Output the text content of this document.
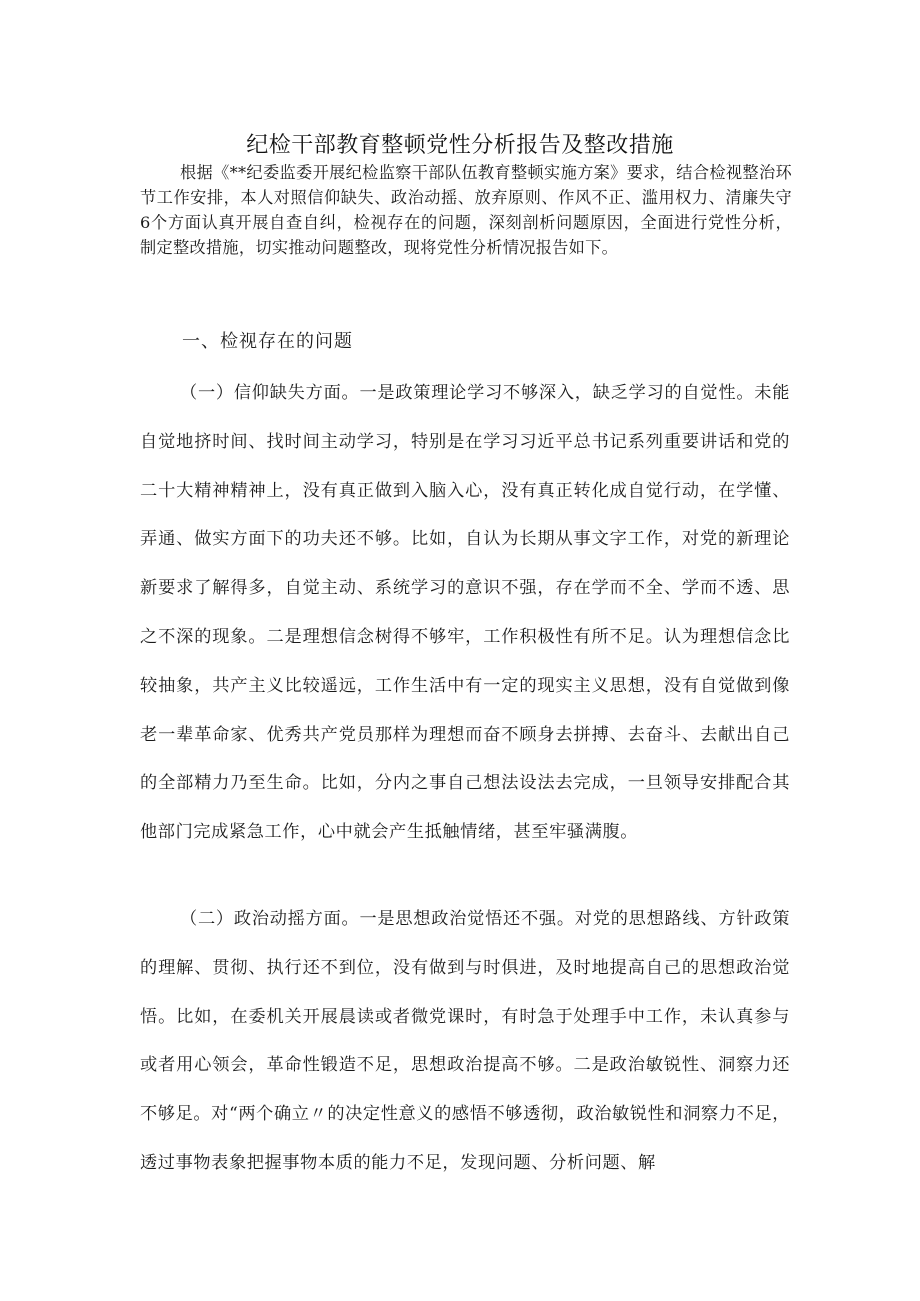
纪检干部教育整顿党性分析报告及整改措施

根据《**纪委监委开展纪检监察干部队伍教育整顿实施方案》要求，结合检视整治环节工作安排，本人对照信仰缺失、政治动摇、放弃原则、作风不正、滥用权力、清廉失守6个方面认真开展自查自纠，检视存在的问题，深刻剖析问题原因，全面进行党性分析，制定整改措施，切实推动问题整改，现将党性分析情况报告如下。

一、检视存在的问题

（一）信仰缺失方面。一是政策理论学习不够深入，缺乏学习的自觉性。未能自觉地挤时间、找时间主动学习，特别是在学习习近平总书记系列重要讲话和党的二十大精神精神上，没有真正做到入脑入心，没有真正转化成自觉行动，在学懂、弄通、做实方面下的功夫还不够。比如，自认为长期从事文字工作，对党的新理论新要求了解得多，自觉主动、系统学习的意识不强，存在学而不全、学而不透、思之不深的现象。二是理想信念树得不够牢，工作积极性有所不足。认为理想信念比较抽象，共产主义比较遥远，工作生活中有一定的现实主义思想，没有自觉做到像老一辈革命家、优秀共产党员那样为理想而奋不顾身去拼搏、去奋斗、去献出自己的全部精力乃至生命。比如，分内之事自己想法设法去完成，一旦领导安排配合其他部门完成紧急工作，心中就会产生抵触情绪，甚至牢骚满腹。

（二）政治动摇方面。一是思想政治觉悟还不强。对党的思想路线、方针政策的理解、贯彻、执行还不到位，没有做到与时俱进，及时地提高自己的思想政治觉悟。比如，在委机关开展晨读或者微党课时，有时急于处理手中工作，未认真参与或者用心领会，革命性锻造不足，思想政治提高不够。二是政治敏锐性、洞察力还不够足。对“两个确立〃的决定性意义的感悟不够透彻，政治敏锐性和洞察力不足，透过事物表象把握事物本质的能力不足，发现问题、分析问题、解
